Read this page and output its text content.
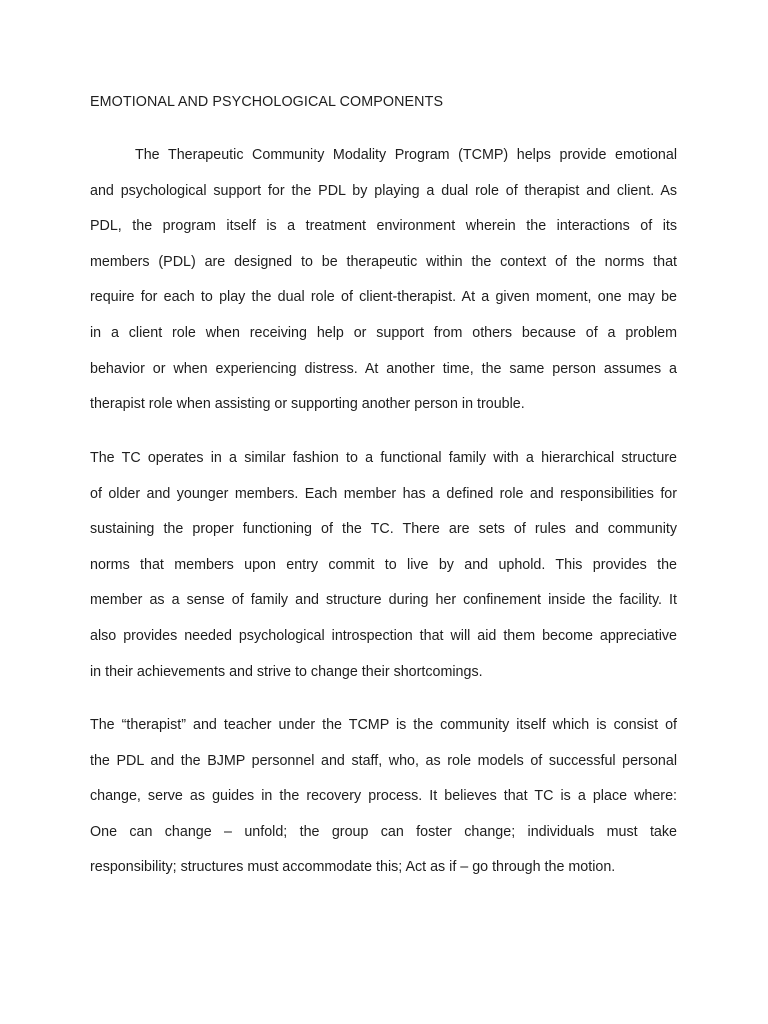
EMOTIONAL AND PSYCHOLOGICAL COMPONENTS
The Therapeutic Community Modality Program (TCMP) helps provide emotional
and psychological support for the PDL by playing a dual role of therapist and client. As
PDL, the program itself is a treatment environment wherein the interactions of its
members (PDL) are designed to be therapeutic within the context of the norms that
require for each to play the dual role of client-therapist. At a given moment, one may be
in a client role when receiving help or support from others because of a problem
behavior or when experiencing distress. At another time, the same person assumes a
therapist role when assisting or supporting another person in trouble.
The TC operates in a similar fashion to a functional family with a hierarchical structure
of older and younger members. Each member has a defined role and responsibilities for
sustaining the proper functioning of the TC. There are sets of rules and community
norms that members upon entry commit to live by and uphold. This provides the
member as a sense of family and structure during her confinement inside the facility. It
also provides needed psychological introspection that will aid them become appreciative
in their achievements and strive to change their shortcomings.
The “therapist” and teacher under the TCMP is the community itself which is consist of
the PDL and the BJMP personnel and staff, who, as role models of successful personal
change, serve as guides in the recovery process. It believes that TC is a place where:
One can change – unfold; the group can foster change; individuals must take
responsibility; structures must accommodate this; Act as if – go through the motion.
